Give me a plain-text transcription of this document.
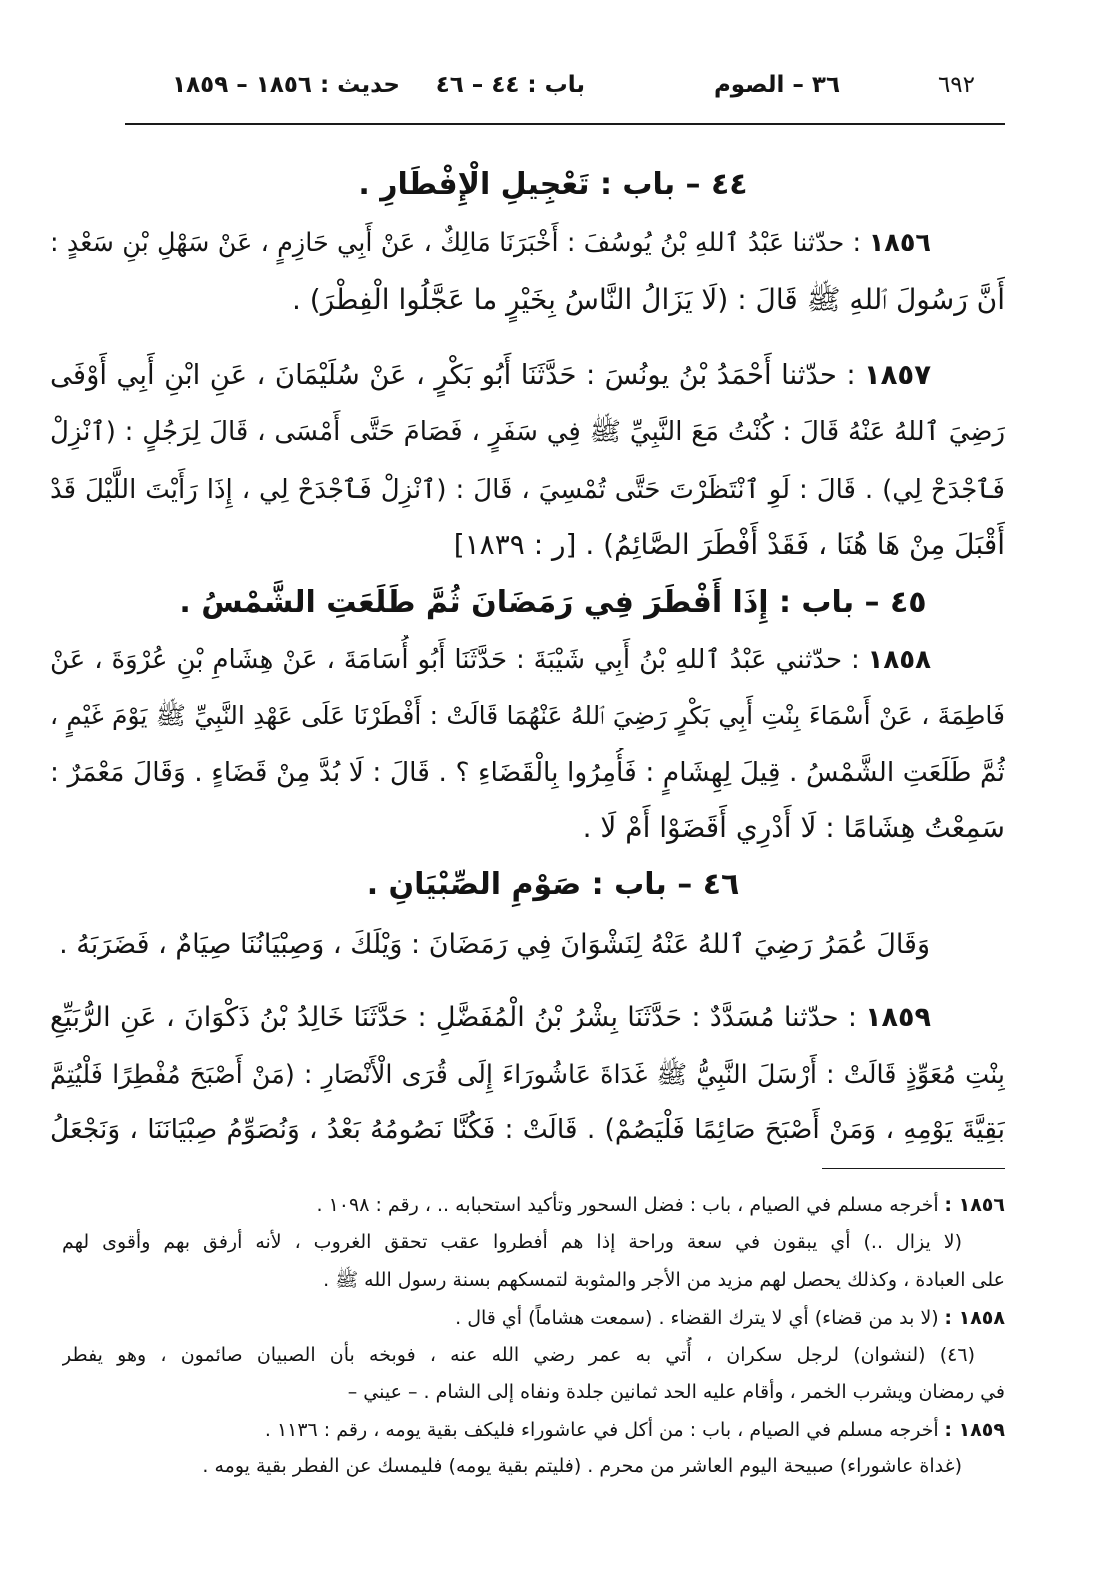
٦٩٢
٣٦ – الصوم
باب : ٤٤ – ٤٦
حديث : ١٨٥٦ – ١٨٥٩
٤٤ – باب : تَعْجِيلِ الْإِفْطَارِ .
١٨٥٦: حدّثنا عَبْدُ ٱللهِ بْنُ يُوسُفَ : أَخْبَرَنَا مَالِكٌ ، عَنْ أَبِي حَازِمٍ ، عَنْ سَهْلِ بْنِ سَعْدٍ :
أَنَّ رَسُولَ ٱللهِ ﷺ قَالَ : (لَا يَزَالُ النَّاسُ بِخَيْرٍ ما عَجَّلُوا الْفِطْرَ) .
١٨٥٧: حدّثنا أَحْمَدُ بْنُ يونُسَ : حَدَّثَنَا أَبُو بَكْرٍ ، عَنْ سُلَيْمَانَ ، عَنِ ابْنِ أَبِي أَوْفَى
رَضِيَ ٱللهُ عَنْهُ قَالَ : كُنْتُ مَعَ النَّبِيِّ ﷺ فِي سَفَرٍ ، فَصَامَ حَتَّى أَمْسَى ، قَالَ لِرَجُلٍ : (ٱنْزِلْ
فَٱجْدَحْ لِي) . قَالَ : لَوِ ٱنْتَظَرْتَ حَتَّى تُمْسِيَ ، قَالَ : (ٱنْزِلْ فَٱجْدَحْ لِي ، إِذَا رَأَيْتَ اللَّيْلَ قَدْ
أَقْبَلَ مِنْ هَا هُنَا ، فَقَدْ أَفْطَرَ الصَّائِمُ) . [ر : ١٨٣٩]
٤٥ – باب : إِذَا أَفْطَرَ فِي رَمَضَانَ ثُمَّ طَلَعَتِ الشَّمْسُ .
١٨٥٨: حدّثني عَبْدُ ٱللهِ بْنُ أَبِي شَيْبَةَ : حَدَّثَنَا أَبُو أُسَامَةَ ، عَنْ هِشَامِ بْنِ عُرْوَةَ ، عَنْ
فَاطِمَةَ ، عَنْ أَسْمَاءَ بِنْتِ أَبِي بَكْرٍ رَضِيَ ٱللهُ عَنْهُمَا قَالَتْ : أَفْطَرْنَا عَلَى عَهْدِ النَّبِيِّ ﷺ يَوْمَ غَيْمٍ ،
ثُمَّ طَلَعَتِ الشَّمْسُ . قِيلَ لِهِشَامٍ : فَأُمِرُوا بِالْقَضَاءِ ؟ . قَالَ : لَا بُدَّ مِنْ قَضَاءٍ . وَقَالَ مَعْمَرٌ :
سَمِعْتُ هِشَامًا : لَا أَدْرِي أَقَضَوْا أَمْ لَا .
٤٦ – باب : صَوْمِ الصِّبْيَانِ .
وَقَالَ عُمَرُ رَضِيَ ٱللهُ عَنْهُ لِنَشْوَانَ فِي رَمَضَانَ : وَيْلَكَ ، وَصِبْيَانُنَا صِيَامٌ ، فَضَرَبَهُ .
١٨٥٩: حدّثنا مُسَدَّدٌ : حَدَّثَنَا بِشْرُ بْنُ الْمُفَضَّلِ : حَدَّثَنَا خَالِدُ بْنُ ذَكْوَانَ ، عَنِ الرُّبَيِّعِ
بِنْتِ مُعَوِّذٍ قَالَتْ : أَرْسَلَ النَّبِيُّ ﷺ غَدَاةَ عَاشُورَاءَ إِلَى قُرَى الْأَنْصَارِ : (مَنْ أَصْبَحَ مُفْطِرًا فَلْيُتِمَّ
بَقِيَّةَ يَوْمِهِ ، وَمَنْ أَصْبَحَ صَائِمًا فَلْيَصُمْ) . قَالَتْ : فَكُنَّا نَصُومُهُ بَعْدُ ، وَنُصَوِّمُ صِبْيَانَنَا ، وَنَجْعَلُ
١٨٥٦ :أخرجه مسلم في الصيام ، باب : فضل السحور وتأكيد استحبابه .. ، رقم : ١٠٩٨ .
(لا يزال ..) أي يبقون في سعة وراحة إذا هم أفطروا عقب تحقق الغروب ، لأنه أرفق بهم وأقوى لهم
على العبادة ، وكذلك يحصل لهم مزيد من الأجر والمثوبة لتمسكهم بسنة رسول الله ﷺ .
١٨٥٨ :(لا بد من قضاء) أي لا يترك القضاء . (سمعت هشاماً) أي قال .
(٤٦) (لنشوان) لرجل سكران ، أُتي به عمر رضي الله عنه ، فوبخه بأن الصبيان صائمون ، وهو يفطر
في رمضان ويشرب الخمر ، وأقام عليه الحد ثمانين جلدة ونفاه إلى الشام . – عيني –
١٨٥٩ :أخرجه مسلم في الصيام ، باب : من أكل في عاشوراء فليكف بقية يومه ، رقم : ١١٣٦ .
(غداة عاشوراء) صبيحة اليوم العاشر من محرم . (فليتم بقية يومه) فليمسك عن الفطر بقية يومه .
